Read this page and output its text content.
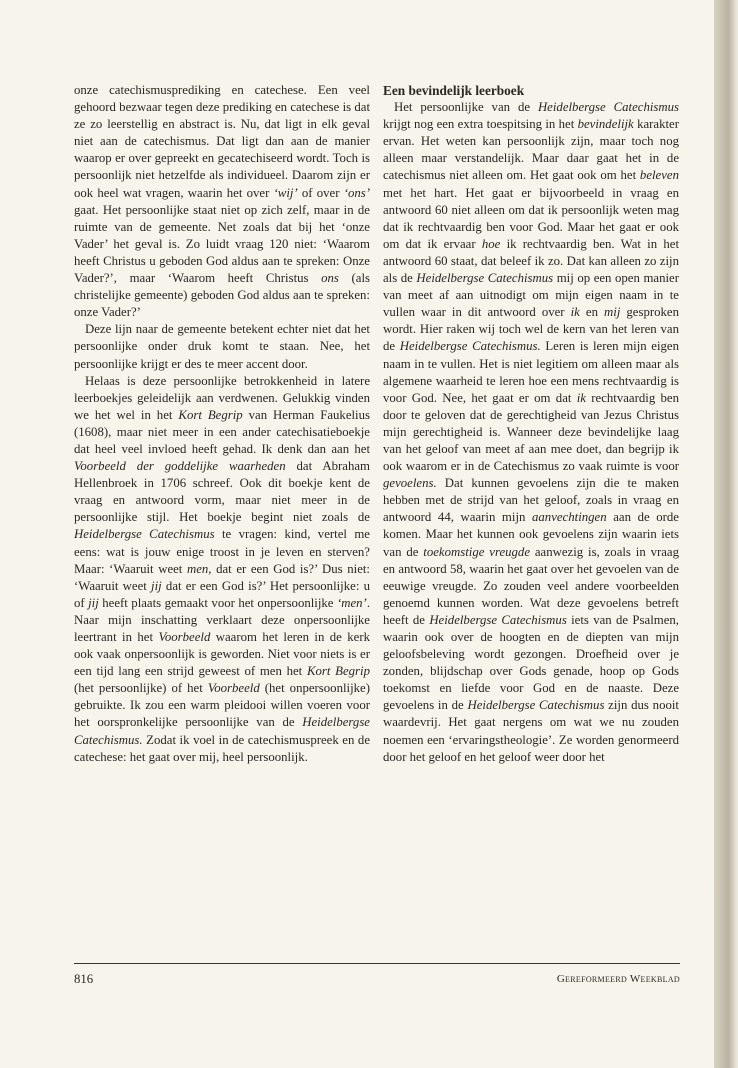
onze catechismusprediking en catechese. Een veel gehoord bezwaar tegen deze prediking en catechese is dat ze zo leerstellig en abstract is. Nu, dat ligt in elk geval niet aan de catechismus. Dat ligt dan aan de manier waarop er over gepreekt en gecatechiseerd wordt. Toch is persoonlijk niet hetzelfde als individueel. Daarom zijn er ook heel wat vragen, waarin het over ‘wij’ of over ‘ons’ gaat. Het persoonlijke staat niet op zich zelf, maar in de ruimte van de gemeente. Net zoals dat bij het ‘onze Vader’ het geval is. Zo luidt vraag 120 niet: ‘Waarom heeft Christus u geboden God aldus aan te spreken: Onze Vader?’, maar ‘Waarom heeft Christus ons (als christelijke gemeente) geboden God aldus aan te spreken: onze Vader?’

Deze lijn naar de gemeente betekent echter niet dat het persoonlijke onder druk komt te staan. Nee, het persoonlijke krijgt er des te meer accent door.

Helaas is deze persoonlijke betrokkenheid in latere leerboekjes geleidelijk aan verdwenen. Gelukkig vinden we het wel in het Kort Begrip van Herman Faukelius (1608), maar niet meer in een ander catechisatieboekje dat heel veel invloed heeft gehad. Ik denk dan aan het Voorbeeld der goddelijke waarheden dat Abraham Hellenbroek in 1706 schreef. Ook dit boekje kent de vraag en antwoord vorm, maar niet meer in de persoonlijke stijl. Het boekje begint niet zoals de Heidelbergse Catechismus te vragen: kind, vertel me eens: wat is jouw enige troost in je leven en sterven? Maar: ‘Waaruit weet men, dat er een God is?’ Dus niet: ‘Waaruit weet jij dat er een God is?’ Het persoonlijke: u of jij heeft plaats gemaakt voor het onpersoonlijke ‘men’. Naar mijn inschatting verklaart deze onpersoonlijke leertrant in het Voorbeeld waarom het leren in de kerk ook vaak onpersoonlijk is geworden. Niet voor niets is er een tijd lang een strijd geweest of men het Kort Begrip (het persoonlijke) of het Voorbeeld (het onpersoonlijke) gebruikte. Ik zou een warm pleidooi willen voeren voor het oorspronkelijke persoonlijke van de Heidelbergse Catechismus. Zodat ik voel in de catechismuspreek en de catechese: het gaat over mij, heel persoonlijk.

Een bevindelijk leerboek

Het persoonlijke van de Heidelbergse Catechismus krijgt nog een extra toespitsing in het bevindelijk karakter ervan. Het weten kan persoonlijk zijn, maar toch nog alleen maar verstandelijk. Maar daar gaat het in de catechismus niet alleen om. Het gaat ook om het beleven met het hart. Het gaat er bijvoorbeeld in vraag en antwoord 60 niet alleen om dat ik persoonlijk weten mag dat ik rechtvaardig ben voor God. Maar het gaat er ook om dat ik ervaar hoe ik rechtvaardig ben. Wat in het antwoord 60 staat, dat beleef ik zo. Dat kan alleen zo zijn als de Heidelbergse Catechismus mij op een open manier van meet af aan uitnodigt om mijn eigen naam in te vullen waar in dit antwoord over ik en mij gesproken wordt. Hier raken wij toch wel de kern van het leren van de Heidelbergse Catechismus. Leren is leren mijn eigen naam in te vullen. Het is niet legitiem om alleen maar als algemene waarheid te leren hoe een mens rechtvaardig is voor God. Nee, het gaat er om dat ik rechtvaardig ben door te geloven dat de gerechtigheid van Jezus Christus mijn gerechtigheid is. Wanneer deze bevindelijke laag van het geloof van meet af aan mee doet, dan begrijp ik ook waarom er in de Catechismus zo vaak ruimte is voor gevoelens. Dat kunnen gevoelens zijn die te maken hebben met de strijd van het geloof, zoals in vraag en antwoord 44, waarin mijn aanvechtingen aan de orde komen. Maar het kunnen ook gevoelens zijn waarin iets van de toekomstige vreugde aanwezig is, zoals in vraag en antwoord 58, waarin het gaat over het gevoelen van de eeuwige vreugde. Zo zouden veel andere voorbeelden genoemd kunnen worden. Wat deze gevoelens betreft heeft de Heidelbergse Catechismus iets van de Psalmen, waarin ook over de hoogten en de diepten van mijn geloofsbeleving wordt gezongen. Droefheid over je zonden, blijdschap over Gods genade, hoop op Gods toekomst en liefde voor God en de naaste. Deze gevoelens in de Heidelbergse Catechismus zijn dus nooit waardevrij. Het gaat nergens om wat we nu zouden noemen een ‘ervaringstheologie’. Ze worden genormeerd door het geloof en het geloof weer door het

816	Gereformeerd Weekblad
